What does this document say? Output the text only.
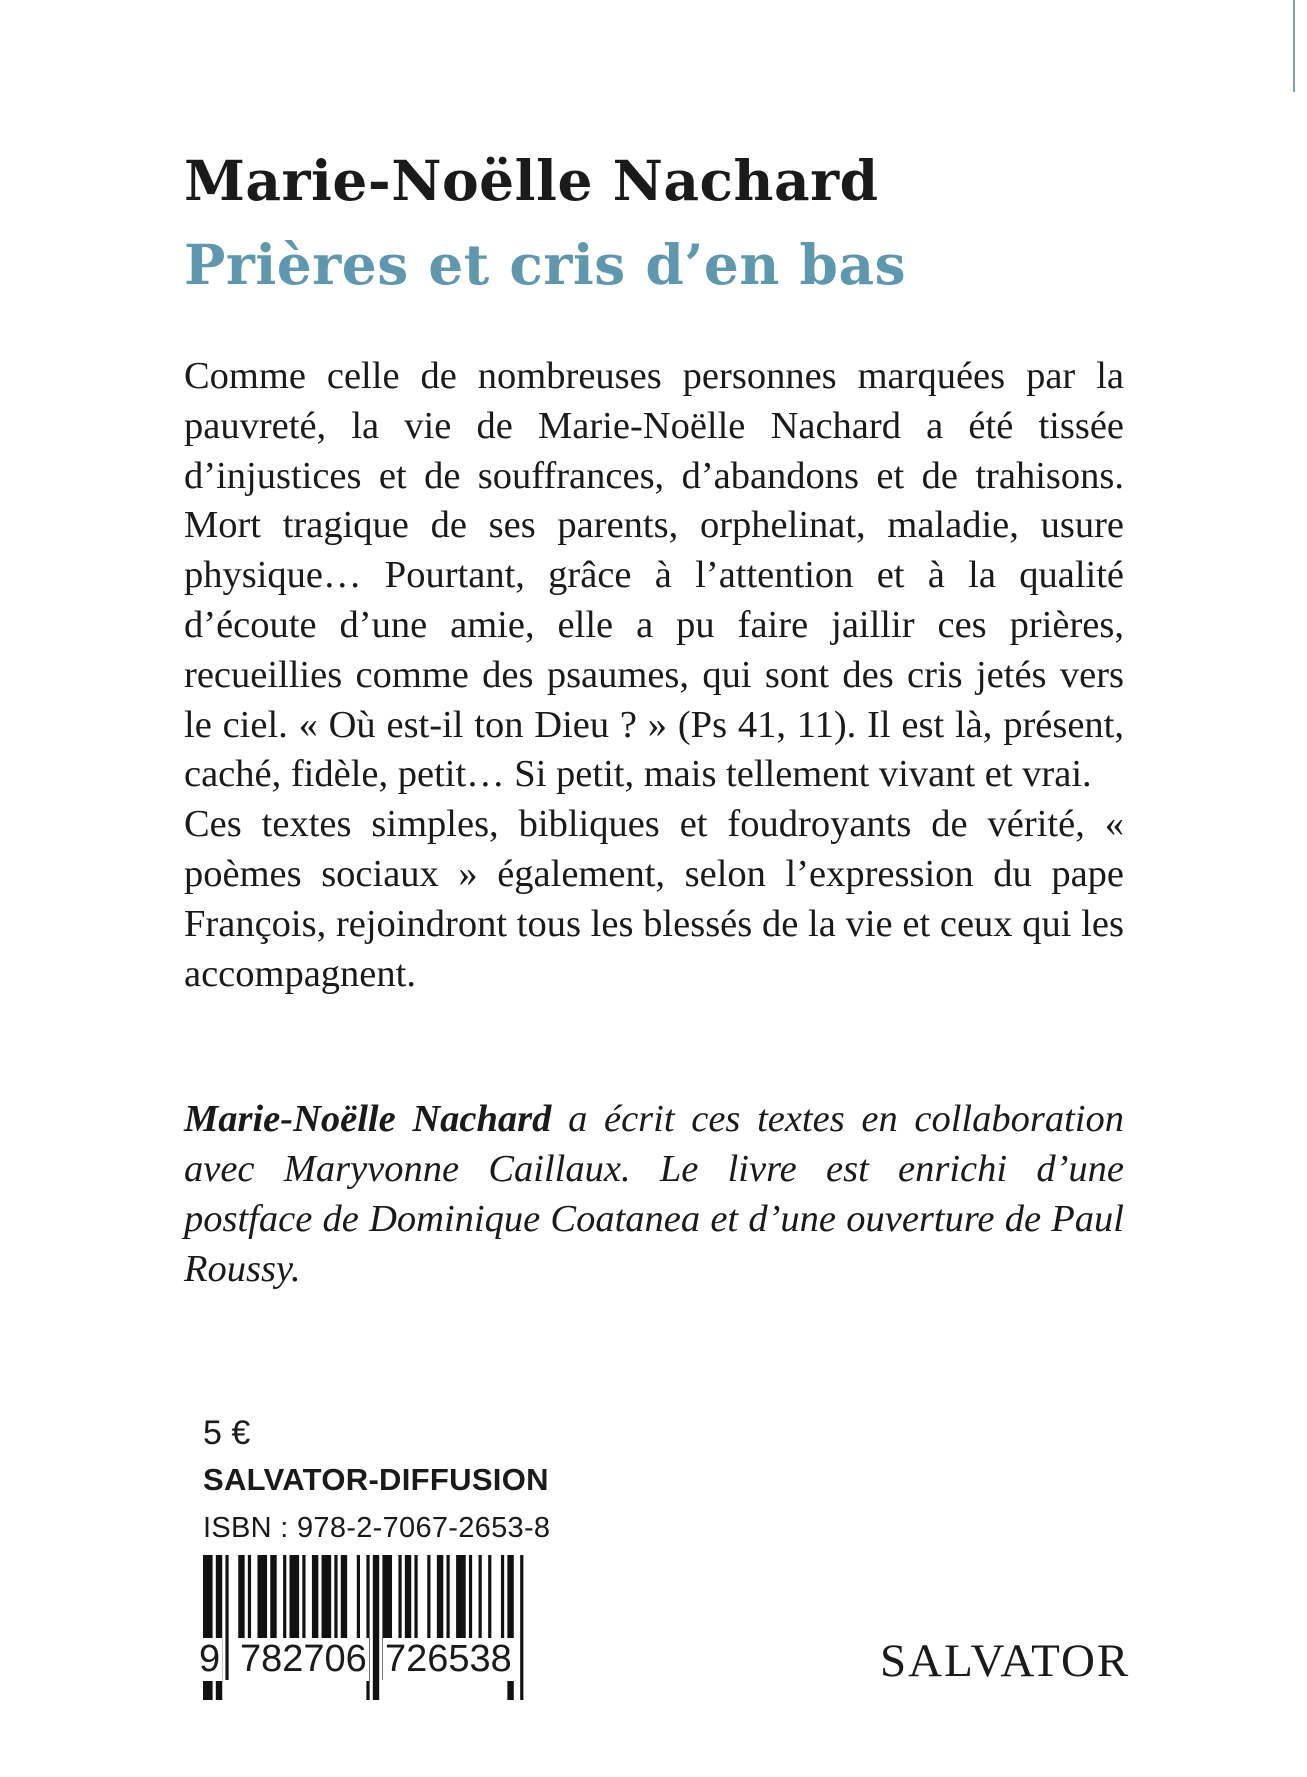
Marie-Noëlle Nachard
Prières et cris d’en bas

Comme celle de nombreuses personnes marquées par la pauvreté, la vie de Marie-Noëlle Nachard a été tissée d’injustices et de souffrances, d’abandons et de trahisons. Mort tragique de ses parents, orphelinat, maladie, usure physique… Pourtant, grâce à l’attention et à la qualité d’écoute d’une amie, elle a pu faire jaillir ces prières, recueillies comme des psaumes, qui sont des cris jetés vers le ciel. « Où est-il ton Dieu ? » (Ps 41, 11). Il est là, présent, caché, fidèle, petit… Si petit, mais tellement vivant et vrai.

Ces textes simples, bibliques et foudroyants de vérité, « poèmes sociaux » également, selon l’expression du pape François, rejoindront tous les blessés de la vie et ceux qui les accompagnent.

Marie-Noëlle Nachard a écrit ces textes en collaboration avec Maryvonne Caillaux. Le livre est enrichi d’une postface de Dominique Coatanea et d’une ouverture de Paul Roussy.
5 €
SALVATOR-DIFFUSION
ISBN : 978-2-7067-2653-8
9 782706 726538	SALVATOR
